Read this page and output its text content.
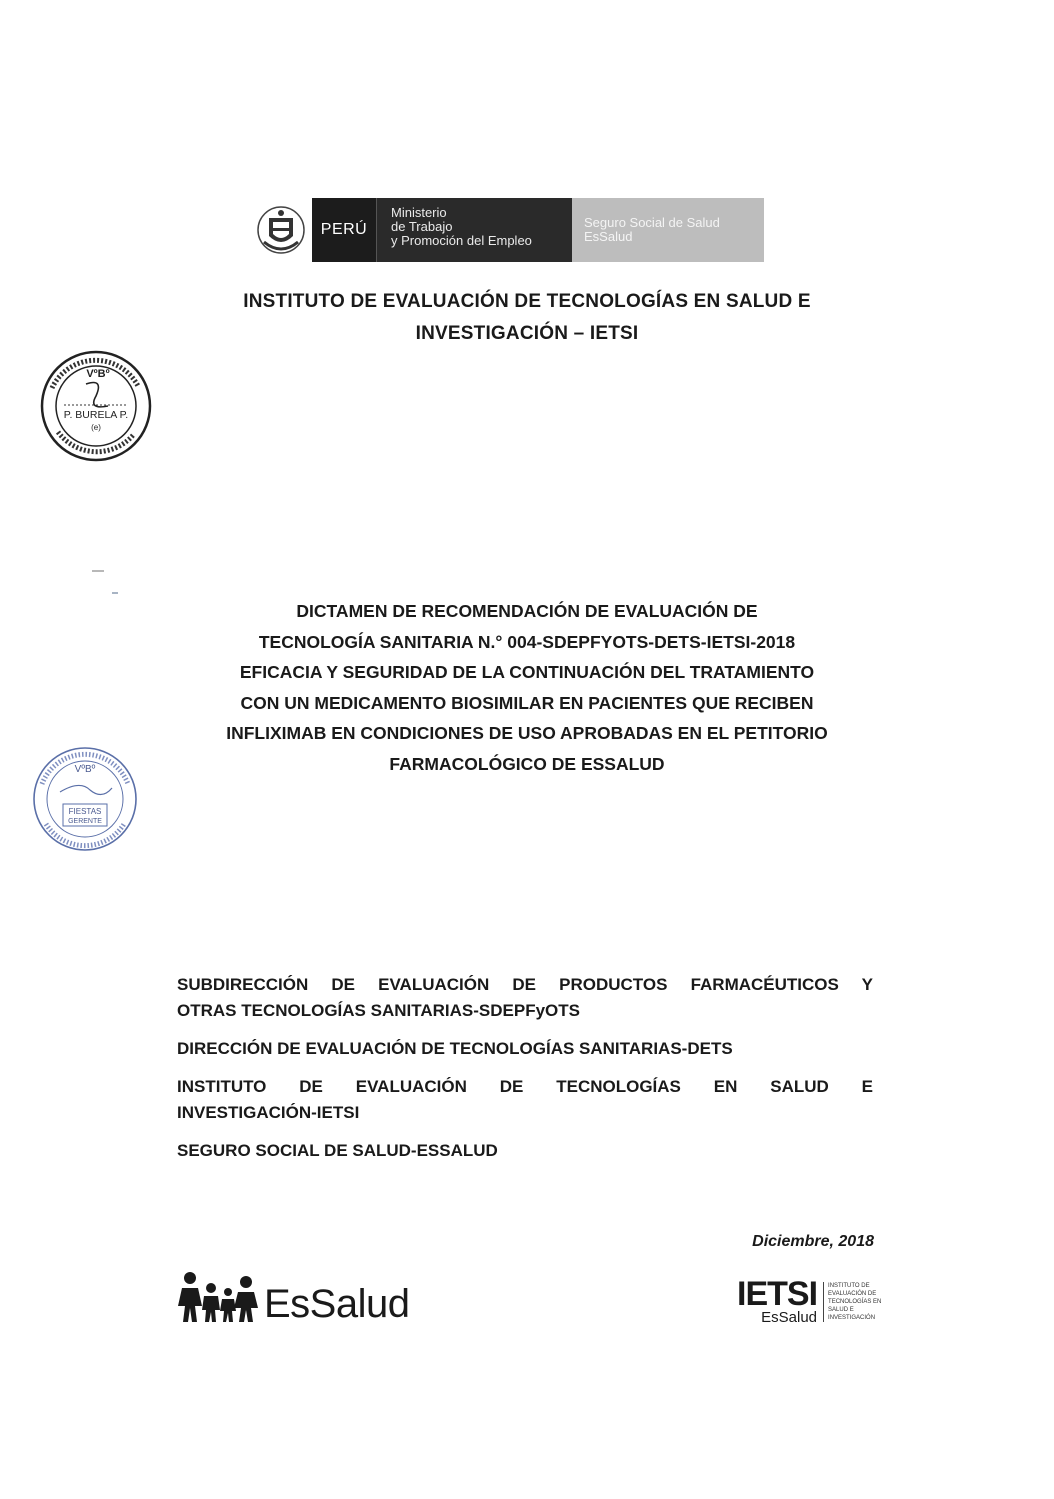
PERÚ
Ministerio
de Trabajo
y Promoción del Empleo
Seguro Social de Salud
EsSalud
INSTITUTO DE EVALUACIÓN DE TECNOLOGÍAS EN SALUD E
INVESTIGACIÓN – IETSI
VºBº
P. BURELA P.
(e)
DICTAMEN DE RECOMENDACIÓN DE EVALUACIÓN DE
TECNOLOGÍA SANITARIA N.° 004-SDEPFYOTS-DETS-IETSI-2018
EFICACIA Y SEGURIDAD DE LA CONTINUACIÓN DEL TRATAMIENTO
CON UN MEDICAMENTO BIOSIMILAR EN PACIENTES QUE RECIBEN
INFLIXIMAB EN CONDICIONES DE USO APROBADAS EN EL PETITORIO
FARMACOLÓGICO DE ESSALUD
VºBº
FIESTAS
GERENTE
SUBDIRECCIÓN DE EVALUACIÓN DE PRODUCTOS FARMACÉUTICOS Y
OTRAS TECNOLOGÍAS SANITARIAS-SDEPFyOTS
DIRECCIÓN DE EVALUACIÓN DE TECNOLOGÍAS SANITARIAS-DETS
INSTITUTO DE EVALUACIÓN DE TECNOLOGÍAS EN SALUD E
INVESTIGACIÓN-IETSI
SEGURO SOCIAL DE SALUD-ESSALUD
Diciembre, 2018
EsSalud	IETSI
EsSalud
INSTITUTO DE
EVALUACIÓN DE
TECNOLOGÍAS EN
SALUD E
INVESTIGACIÓN
